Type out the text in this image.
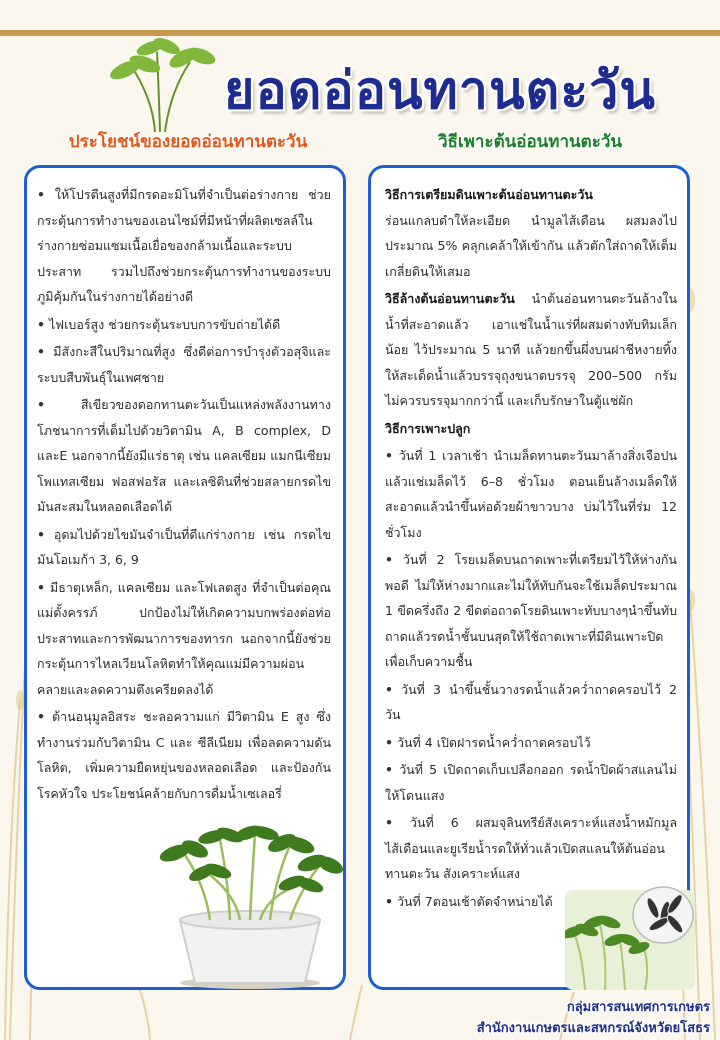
ยอดอ่อนทานตะวัน
ประโยชน์ของยอดอ่อนทานตะวัน	วิธีเพาะต้นอ่อนทานตะวัน

• ให้โปรตีนสูงที่มีกรดอะมิโนที่จำเป็นต่อร่างกาย ช่วยกระตุ้นการทำงานของเอนไซม์ที่มีหน้าที่ผลิตเซลล์ในร่างกายซ่อมแซมเนื้อเยื่อของกล้ามเนื้อและระบบประสาท รวมไปถึงช่วยกระตุ้นการทำงานของระบบภูมิคุ้มกันในร่างกายได้อย่างดี

• ไฟเบอร์สูง ช่วยกระตุ้นระบบการขับถ่ายได้ดี

• มีสังกะสีในปริมาณที่สูง ซึ่งดีต่อการบำรุงตัวอสุจิและระบบสืบพันธุ์ในเพศชาย

•	สีเขียวของดอกทานตะวันเป็นแหล่งพลังงานทางโภชนาการที่เต็มไปด้วยวิตามิน A, B complex, D และE นอกจากนี้ยังมีแร่ธาตุ เช่น แคลเซียม แมกนีเซียม โพแทสเซียม ฟอสฟอรัส และเลซิตินที่ช่วยสลายกรดไขมันสะสมในหลอดเลือดได้

• อุดมไปด้วยไขมันจำเป็นที่ดีแก่ร่างกาย เช่น กรดไขมันโอเมก้า 3, 6, 9

• มีธาตุเหล็ก, แคลเซียม และโฟเลตสูง ที่จำเป็นต่อคุณแม่ตั้งครรภ์ ปกป้องไม่ให้เกิดความบกพร่องต่อท่อประสาทและการพัฒนาการของทารก นอกจากนี้ยังช่วยกระตุ้นการไหลเวียนโลหิตทำให้คุณแม่มีความผ่อนคลายและลดความตึงเครียดลงได้

• ต้านอนุมูลอิสระ ชะลอความแก่ มีวิตามิน E สูง ซึ่งทำงานร่วมกับวิตามิน C และ ซีลีเนียม เพื่อลดความดันโลหิต, เพิ่มความยืดหยุ่นของหลอดเลือด และป้องกันโรคหัวใจ ประโยชน์คล้ายกับการดื่มน้ำเซเลอรี่

วิธีการเตรียมดินเพาะต้นอ่อนทานตะวัน
ร่อนแกลบดำให้ละเอียด นำมูลไส้เดือน ผสมลงไปประมาณ 5% คลุกเคล้าให้เข้ากัน แล้วตักใส่ถาดให้เต็ม เกลี่ยดินให้เสมอ

วิธีล้างต้นอ่อนทานตะวัน นำต้นอ่อนทานตะวันล้างในน้ำที่สะอาดแล้ว เอาแช่ในน้ำแร่ที่ผสมด่างทับทิมเล็กน้อย ไว้ประมาณ 5 นาที แล้วยกขึ้นผึ่งบนฝาชีหงายทิ้งให้สะเด็ดน้ำแล้วบรรจุถุงขนาดบรรจุ 200–500 กรัม ไม่ควรบรรจุมากกว่านี้ และเก็บรักษาในตู้แช่ผัก

วิธีการเพาะปลูก

• วันที่ 1 เวลาเช้า นำเมล็ดทานตะวันมาล้างสิ่งเจือปน แล้วแช่เมล็ดไว้ 6–8 ชั่วโมง ตอนเย็นล้างเมล็ดให้สะอาดแล้วนำขึ้นห่อด้วยผ้าขาวบาง บ่มไว้ในที่ร่ม 12 ชั่วโมง

• วันที่ 2 โรยเมล็ดบนถาดเพาะที่เตรียมไว้ให้ห่างกันพอดี ไม่ให้ห่างมากและไม่ให้ทับกันจะใช้เมล็ดประมาณ 1 ขีดครึ่งถึง 2 ขีดต่อถาดโรยดินเพาะทับบางๆนำขึ้นทับถาดแล้วรดน้ำชั้นบนสุดให้ใช้ถาดเพาะที่มีดินเพาะปิดเพื่อเก็บความชื้น

• วันที่ 3 นำขึ้นชั้นวางรดน้ำแล้วคว่ำถาดครอบไว้ 2 วัน

• วันที่ 4 เปิดฝารดน้ำคว่ำถาดครอบไว้

• วันที่ 5 เปิดถาดเก็บเปลือกออก รดน้ำปิดผ้าสแลนไม่ให้โดนแสง

• วันที่ 6 ผสมจุลินทรีย์สังเคราะห์แสงน้ำหมักมูลไส้เดือนและยูเรียน้ำรดให้ทั่วแล้วเปิดสแลนให้ต้นอ่อนทานตะวัน สังเคราะห์แสง

• วันที่ 7ตอนเช้าตัดจำหน่ายได้

กลุ่มสารสนเทศการเกษตร
สำนักงานเกษตรและสหกรณ์จังหวัดยโสธร
